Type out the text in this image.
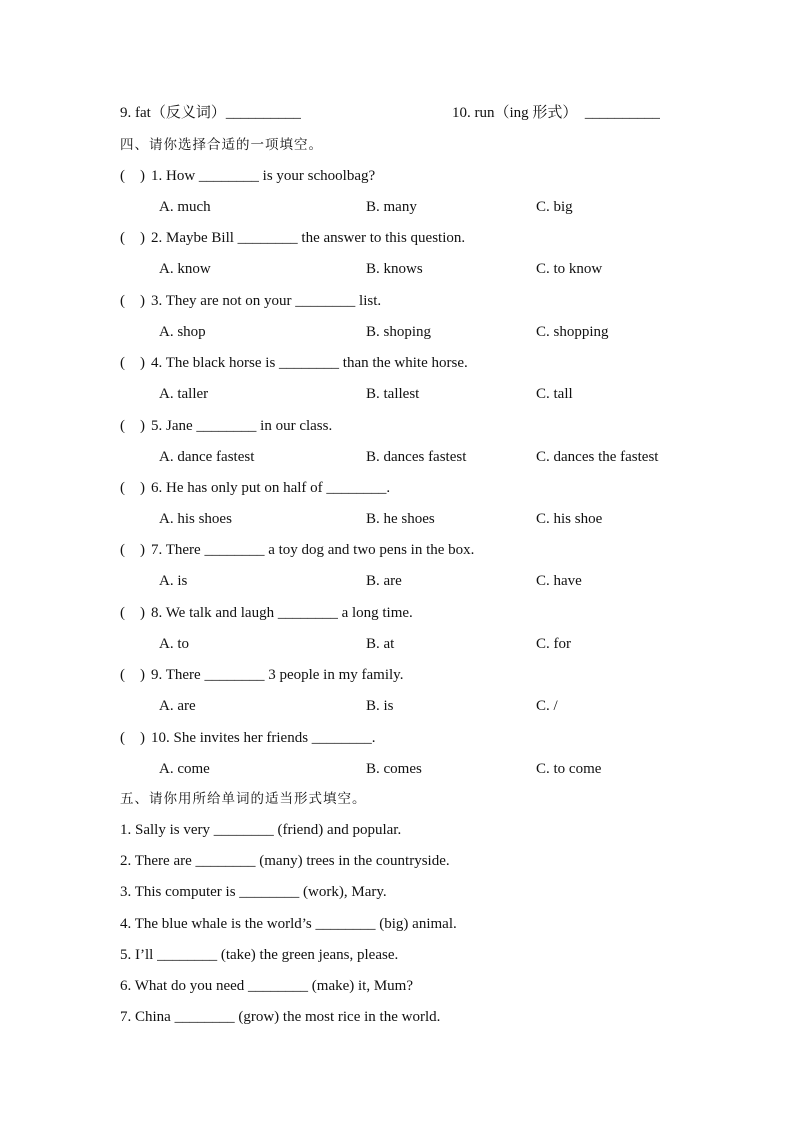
9. fat（反义词）__________	10. run（ing 形式）  __________
四、请你选择合适的一项填空。
(    ) 1. How ________ is your schoolbag?
A. much	B. many	C. big
(    ) 2. Maybe Bill ________ the answer to this question.
A. know	B. knows	C. to know
(    ) 3. They are not on your ________ list.
A. shop	B. shoping	C. shopping
(    ) 4. The black horse is ________ than the white horse.
A. taller	B. tallest	C. tall
(    ) 5. Jane ________ in our class.
A. dance fastest	B. dances fastest	C. dances the fastest
(    ) 6. He has only put on half of ________.
A. his shoes	B. he shoes	C. his shoe
(    ) 7. There ________ a toy dog and two pens in the box.
A. is	B. are	C. have
(    ) 8. We talk and laugh ________ a long time.
A. to	B. at	C. for
(    ) 9. There ________ 3 people in my family.
A. are	B. is	C. /
(    ) 10. She invites her friends ________.
A. come	B. comes	C. to come
五、请你用所给单词的适当形式填空。
1. Sally is very ________ (friend) and popular.
2. There are ________ (many) trees in the countryside.
3. This computer is ________ (work), Mary.
4. The blue whale is the world’s ________ (big) animal.
5. I’ll ________ (take) the green jeans, please.
6. What do you need ________ (make) it, Mum?
7. China ________ (grow) the most rice in the world.
